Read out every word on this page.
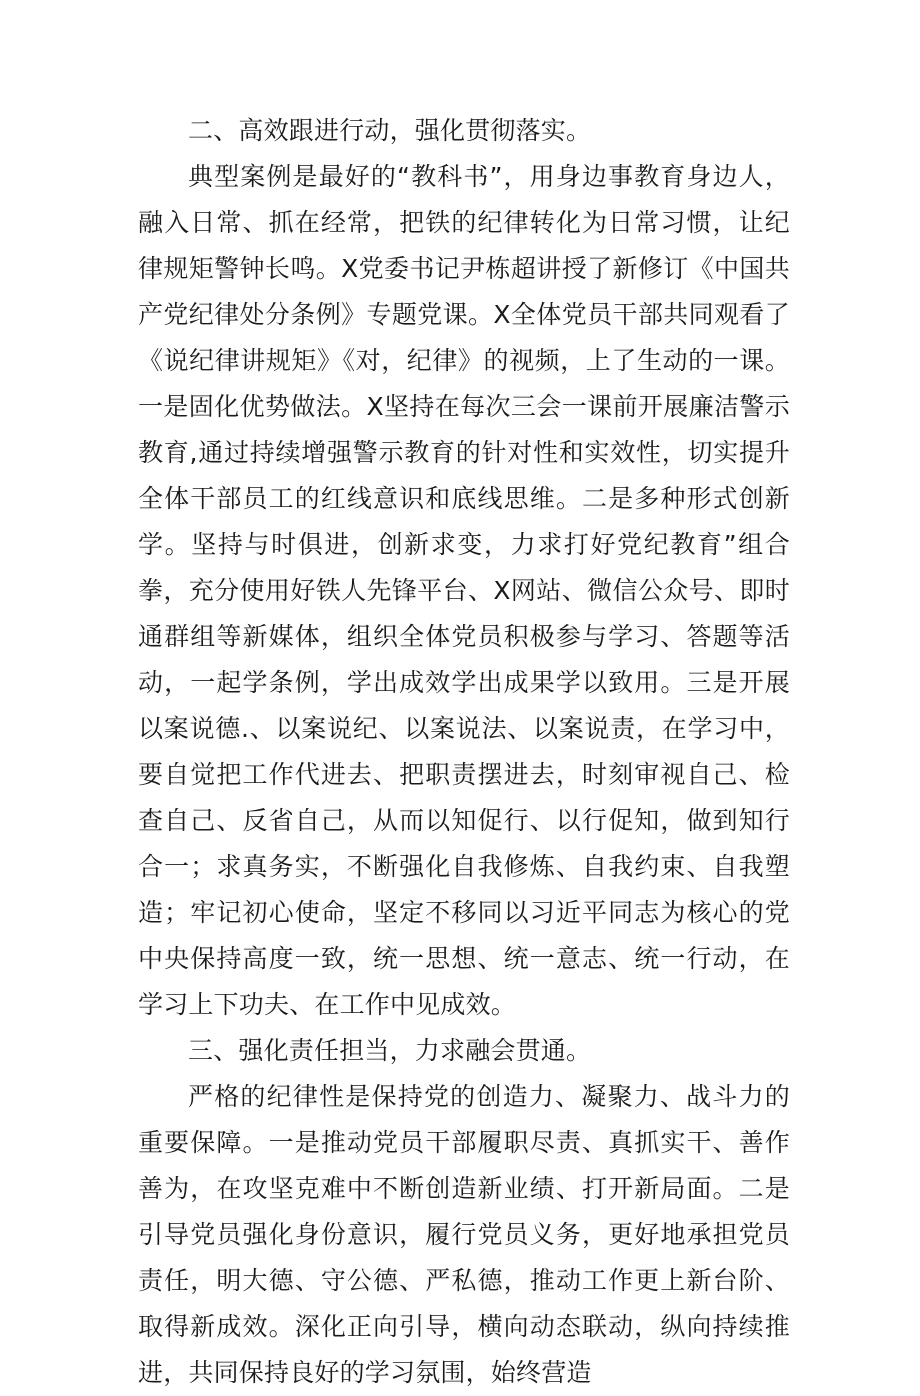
二、高效跟进行动，强化贯彻落实。

典型案例是最好的“教科书”，用身边事教育身边人，融入日常、抓在经常，把铁的纪律转化为日常习惯，让纪律规矩警钟长鸣。X党委书记尹栋超讲授了新修订《中国共产党纪律处分条例》专题党课。X全体党员干部共同观看了《说纪律讲规矩》《对，纪律》的视频，上了生动的一课。一是固化优势做法。X坚持在每次三会一课前开展廉洁警示教育,通过持续增强警示教育的针对性和实效性，切实提升全体干部员工的红线意识和底线思维。二是多种形式创新学。坚持与时俱进，创新求变，力求打好党纪教育”组合拳，充分使用好铁人先锋平台、X网站、微信公众号、即时通群组等新媒体，组织全体党员积极参与学习、答题等活动，一起学条例，学出成效学出成果学以致用。三是开展以案说德.、以案说纪、以案说法、以案说责，在学习中，要自觉把工作代进去、把职责摆进去，时刻审视自己、检查自己、反省自己，从而以知促行、以行促知，做到知行合一；求真务实，不断强化自我修炼、自我约束、自我塑造；牢记初心使命，坚定不移同以习近平同志为核心的党中央保持高度一致，统一思想、统一意志、统一行动，在学习上下功夫、在工作中见成效。

三、强化责任担当，力求融会贯通。

严格的纪律性是保持党的创造力、凝聚力、战斗力的重要保障。一是推动党员干部履职尽责、真抓实干、善作善为，在攻坚克难中不断创造新业绩、打开新局面。二是引导党员强化身份意识，履行党员义务，更好地承担党员责任，明大德、守公德、严私德，推动工作更上新台阶、取得新成效。深化正向引导，横向动态联动，纵向持续推进，共同保持良好的学习氛围，始终营造
